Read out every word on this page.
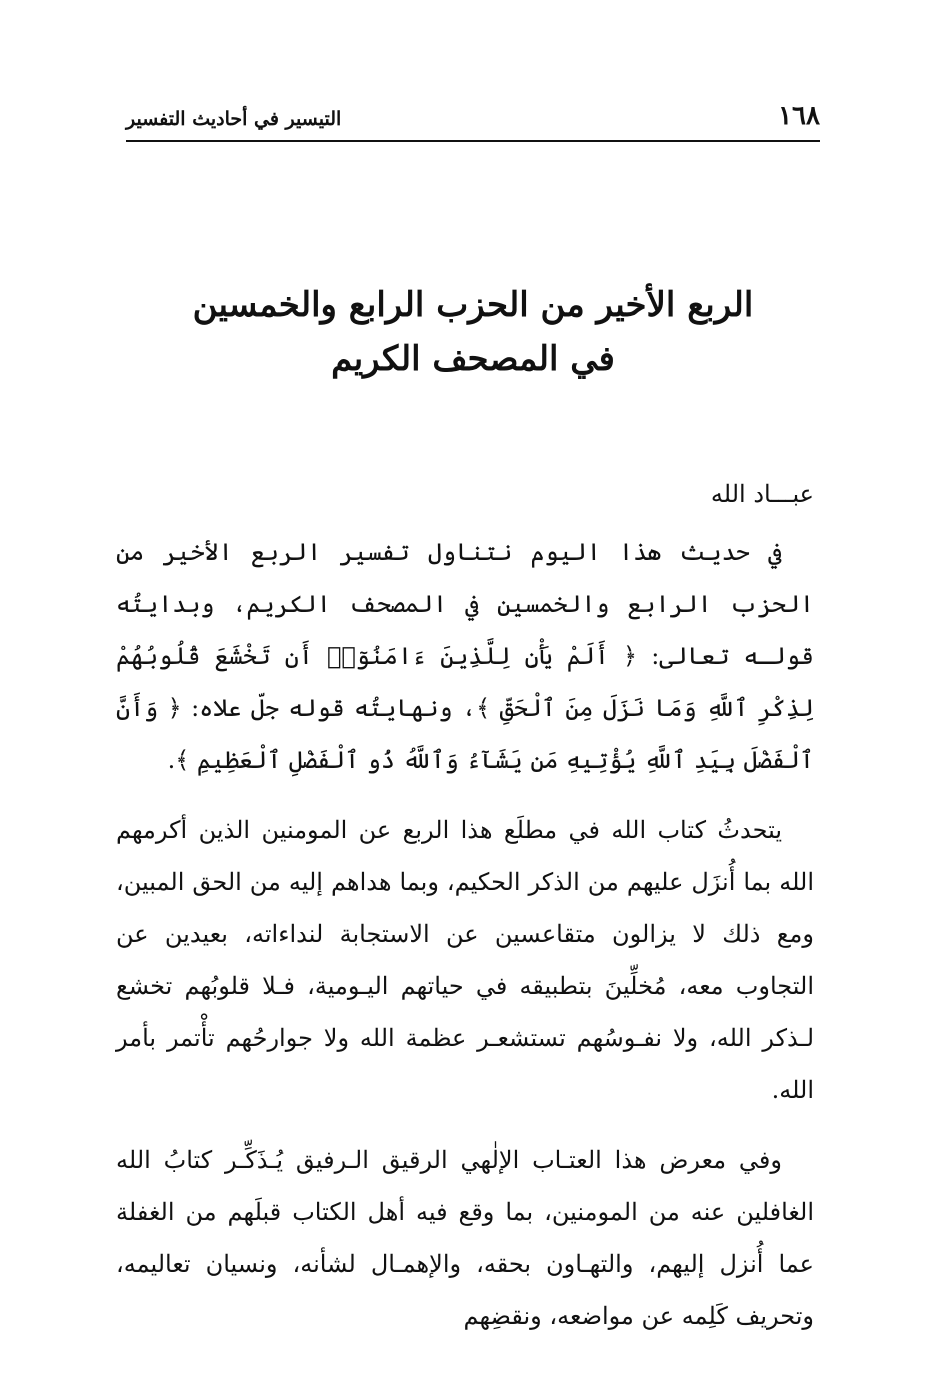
١٦٨
التيسير في أحاديث التفسير
الربع الأخير من الحزب الرابع والخمسين
في المصحف الكريم
عبـــاد الله

في حديث هذا اليوم نتناول تفسير الربع الأخير من الحزب الرابع والخمسين في المصحف الكريم، وبدايتُه قولـه تعالى: ﴿ أَلَمْ يَأْنِ لِلَّذِينَ ءَامَنُوٓا۟ أَن تَخْشَعَ قُلُوبُهُمْ لِذِكْرِ ٱللَّهِ وَمَا نَزَلَ مِنَ ٱلْحَقِّ ﴾، ونهايتُه قوله جلّ علاه: ﴿ وَأَنَّ ٱلْفَضْلَ بِيَدِ ٱللَّهِ يُؤْتِيهِ مَن يَشَآءُ وَٱللَّهُ ذُو ٱلْفَضْلِ ٱلْعَظِيمِ ﴾.

يتحدثُ كتاب الله في مطلَع هذا الربع عن المومنين الذين أكرمهم الله بما أُنزَل عليهم من الذكر الحكيم، وبما هداهم إليه من الحق المبين، ومع ذلك لا يزالون متقاعسين عن الاستجابة لنداءاته، بعيدين عن التجاوب معه، مُخلِّينَ بتطبيقه في حياتهم اليـومية، فـلا قلوبُهم تخشع لـذكر الله، ولا نفـوسُهم تستشعـر عظمة الله ولا جوارحُهم تأْتمر بأمر الله.

وفي معرض هذا العتـاب الإلٰهي الرقيق الـرفيق يُـذَكِّـر كتابُ الله الغافلين عنه من المومنين، بما وقع فيه أهل الكتاب قبلَهم من الغفلة عما أُنزل إليهم، والتهـاون بحقه، والإهمـال لشأنه، ونسيان تعاليمه، وتحريف كَلِمه عن مواضعه، ونقضِهم
